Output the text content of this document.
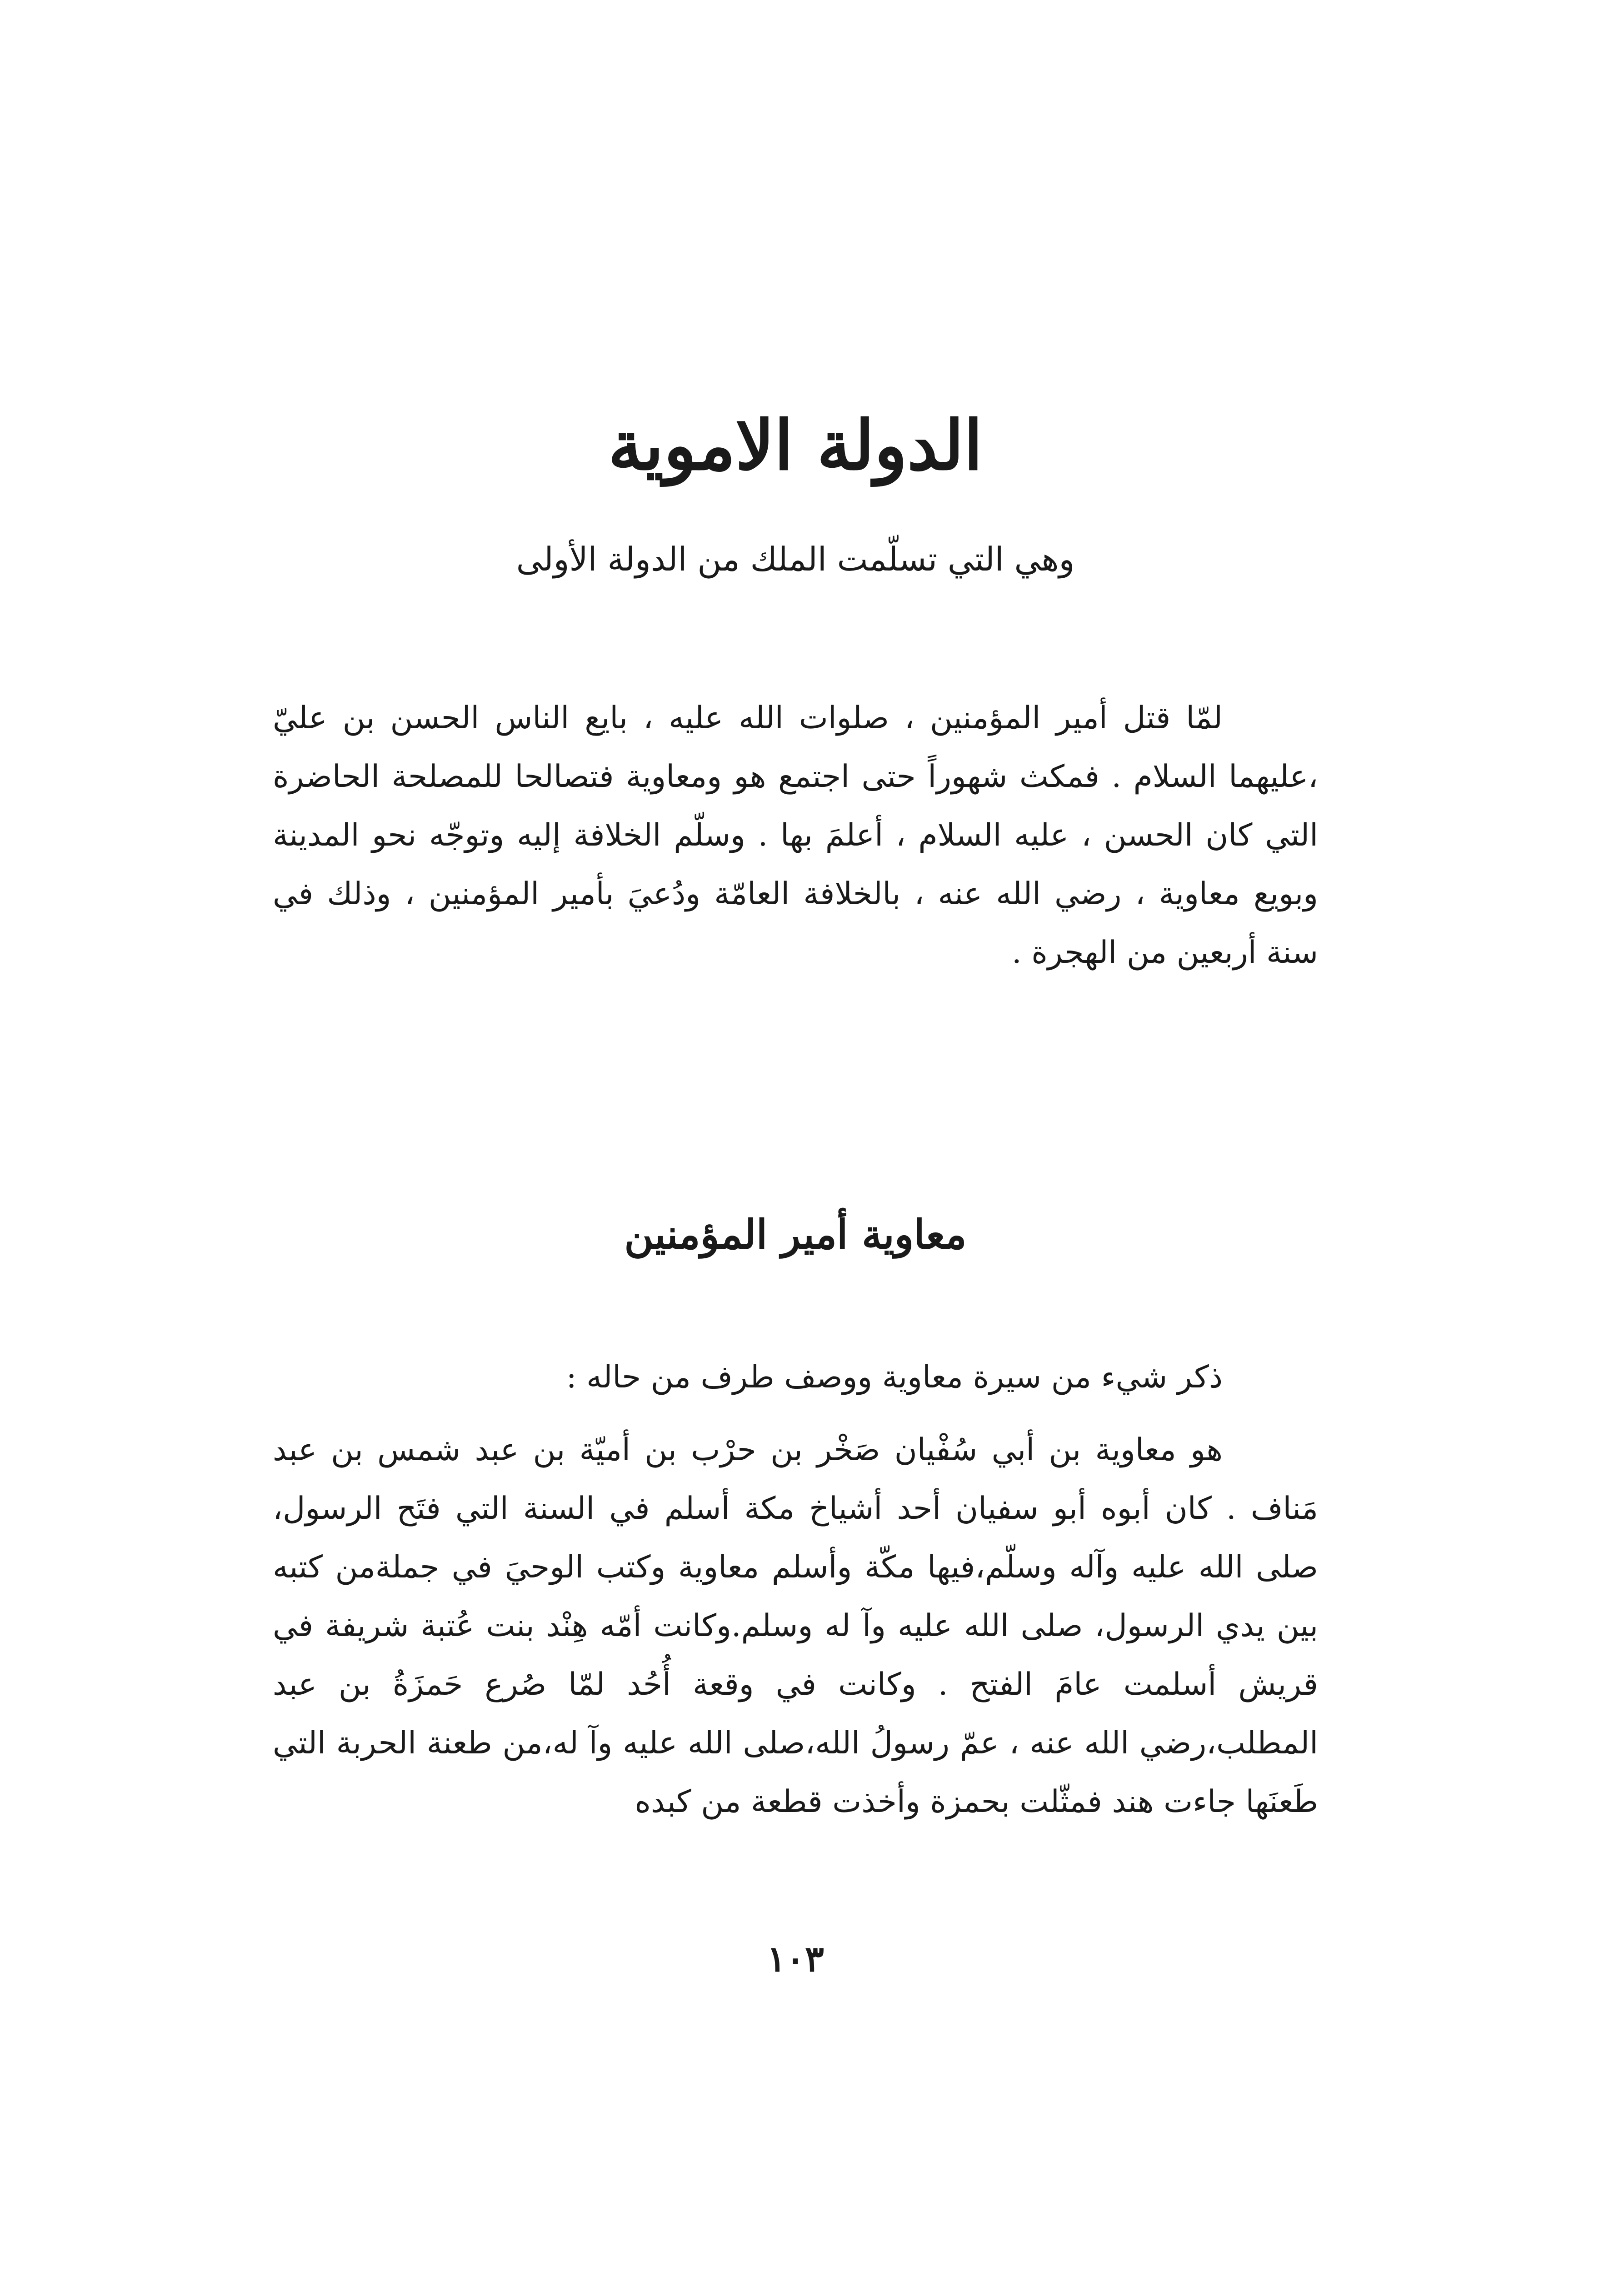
الدولة الاموية

وهي التي تسلّمت الملك من الدولة الأولى

لمّا قتل أمير المؤمنين ، صلوات الله عليه ، بايع الناس الحسن بن عليّ ،عليهما السلام . فمكث شهوراً حتى اجتمع هو ومعاوية فتصالحا للمصلحة الحاضرة التي كان الحسن ، عليه السلام ، أعلمَ بها . وسلّم الخلافة إليه وتوجّه نحو المدينة وبويع معاوية ، رضي الله عنه ، بالخلافة العامّة ودُعيَ بأمير المؤمنين ، وذلك في سنة أربعين من الهجرة .

معاوية أمير المؤمنين

ذكر شيء من سيرة معاوية ووصف طرف من حاله :

هو معاوية بن أبي سُفْيان صَخْر بن حرْب بن أميّة بن عبد شمس بن عبد مَناف . كان أبوه أبو سفيان أحد أشياخ مكة أسلم في السنة التي فتَح الرسول، صلى الله عليه وآله وسلّم،فيها مكّة وأسلم معاوية وكتب الوحيَ في جملةمن كتبه بين يدي الرسول، صلى الله عليه وآ له وسلم.وكانت أمّه هِنْد بنت عُتبة شريفة في قريش أسلمت عامَ الفتح . وكانت في وقعة أُحُد لمّا صُرع حَمزَةُ بن عبد المطلب،رضي الله عنه ، عمّ رسولُ الله،صلى الله عليه وآ له،من طعنة الحربة التي طَعنَها جاءت هند فمثّلت بحمزة وأخذت قطعة من كبده

١٠٣
